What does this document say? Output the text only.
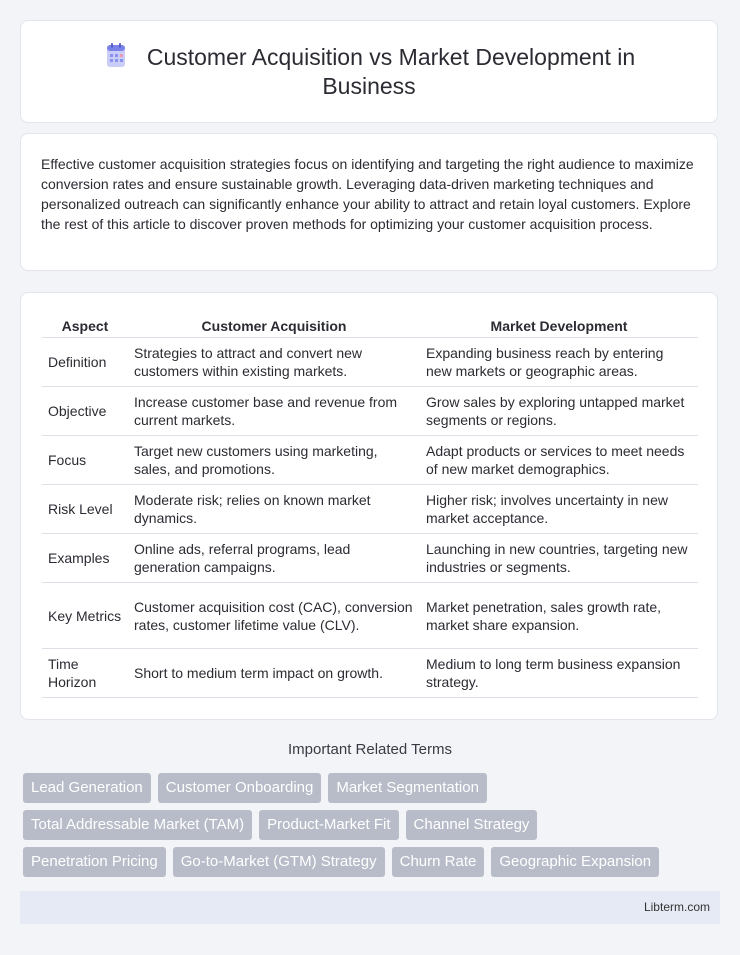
Customer Acquisition vs Market Development in Business
Effective customer acquisition strategies focus on identifying and targeting the right audience to maximize conversion rates and ensure sustainable growth. Leveraging data-driven marketing techniques and personalized outreach can significantly enhance your ability to attract and retain loyal customers. Explore the rest of this article to discover proven methods for optimizing your customer acquisition process.
Aspect	Customer Acquisition	Market Development
Definition	Strategies to attract and convert new customers within existing markets.	Expanding business reach by entering new markets or geographic areas.
Objective	Increase customer base and revenue from current markets.	Grow sales by exploring untapped market segments or regions.
Focus	Target new customers using marketing, sales, and promotions.	Adapt products or services to meet needs of new market demographics.
Risk Level	Moderate risk; relies on known market dynamics.	Higher risk; involves uncertainty in new market acceptance.
Examples	Online ads, referral programs, lead generation campaigns.	Launching in new countries, targeting new industries or segments.
Key Metrics	Customer acquisition cost (CAC), conversion rates, customer lifetime value (CLV).	Market penetration, sales growth rate, market share expansion.
Time Horizon	Short to medium term impact on growth.	Medium to long term business expansion strategy.
Important Related Terms
Lead Generation	Customer Onboarding	Market Segmentation
Total Addressable Market (TAM)	Product-Market Fit	Channel Strategy
Penetration Pricing	Go-to-Market (GTM) Strategy	Churn Rate	Geographic Expansion
Libterm.com
